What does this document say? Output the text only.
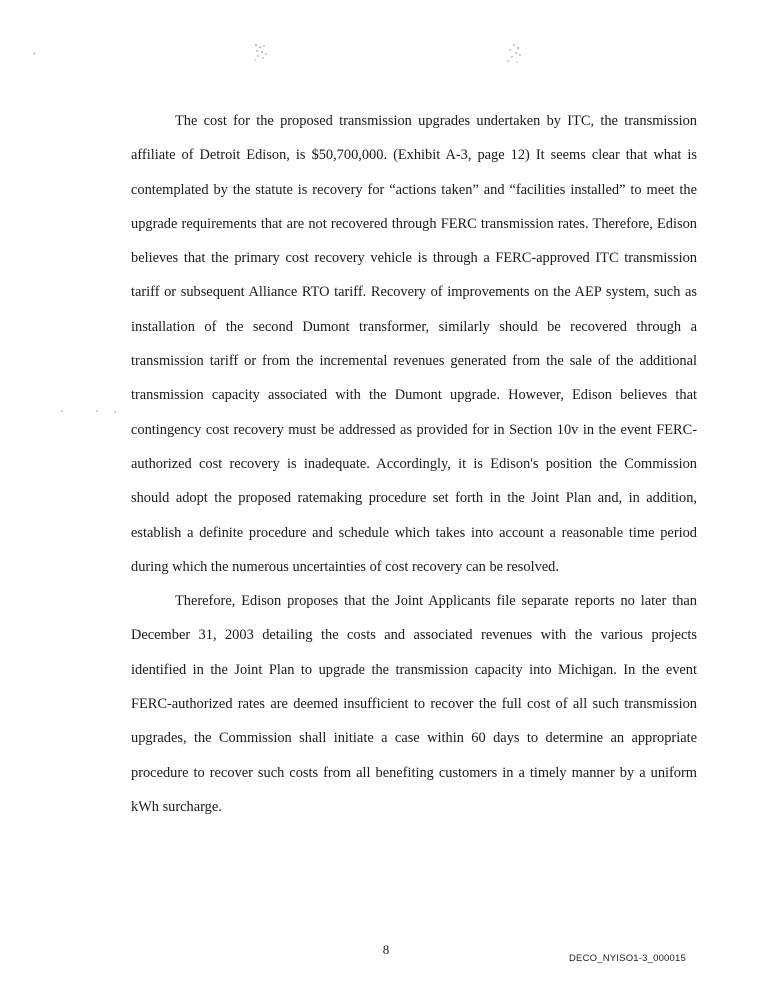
The cost for the proposed transmission upgrades undertaken by ITC, the transmission affiliate of Detroit Edison, is $50,700,000. (Exhibit A-3, page 12) It seems clear that what is contemplated by the statute is recovery for “actions taken” and “facilities installed” to meet the upgrade requirements that are not recovered through FERC transmission rates. Therefore, Edison believes that the primary cost recovery vehicle is through a FERC-approved ITC transmission tariff or subsequent Alliance RTO tariff. Recovery of improvements on the AEP system, such as installation of the second Dumont transformer, similarly should be recovered through a transmission tariff or from the incremental revenues generated from the sale of the additional transmission capacity associated with the Dumont upgrade. However, Edison believes that contingency cost recovery must be addressed as provided for in Section 10v in the event FERC-authorized cost recovery is inadequate. Accordingly, it is Edison's position the Commission should adopt the proposed ratemaking procedure set forth in the Joint Plan and, in addition, establish a definite procedure and schedule which takes into account a reasonable time period during which the numerous uncertainties of cost recovery can be resolved.

Therefore, Edison proposes that the Joint Applicants file separate reports no later than December 31, 2003 detailing the costs and associated revenues with the various projects identified in the Joint Plan to upgrade the transmission capacity into Michigan. In the event FERC-authorized rates are deemed insufficient to recover the full cost of all such transmission upgrades, the Commission shall initiate a case within 60 days to determine an appropriate procedure to recover such costs from all benefiting customers in a timely manner by a uniform kWh surcharge.

8
DECO_NYISO1-3_000015
